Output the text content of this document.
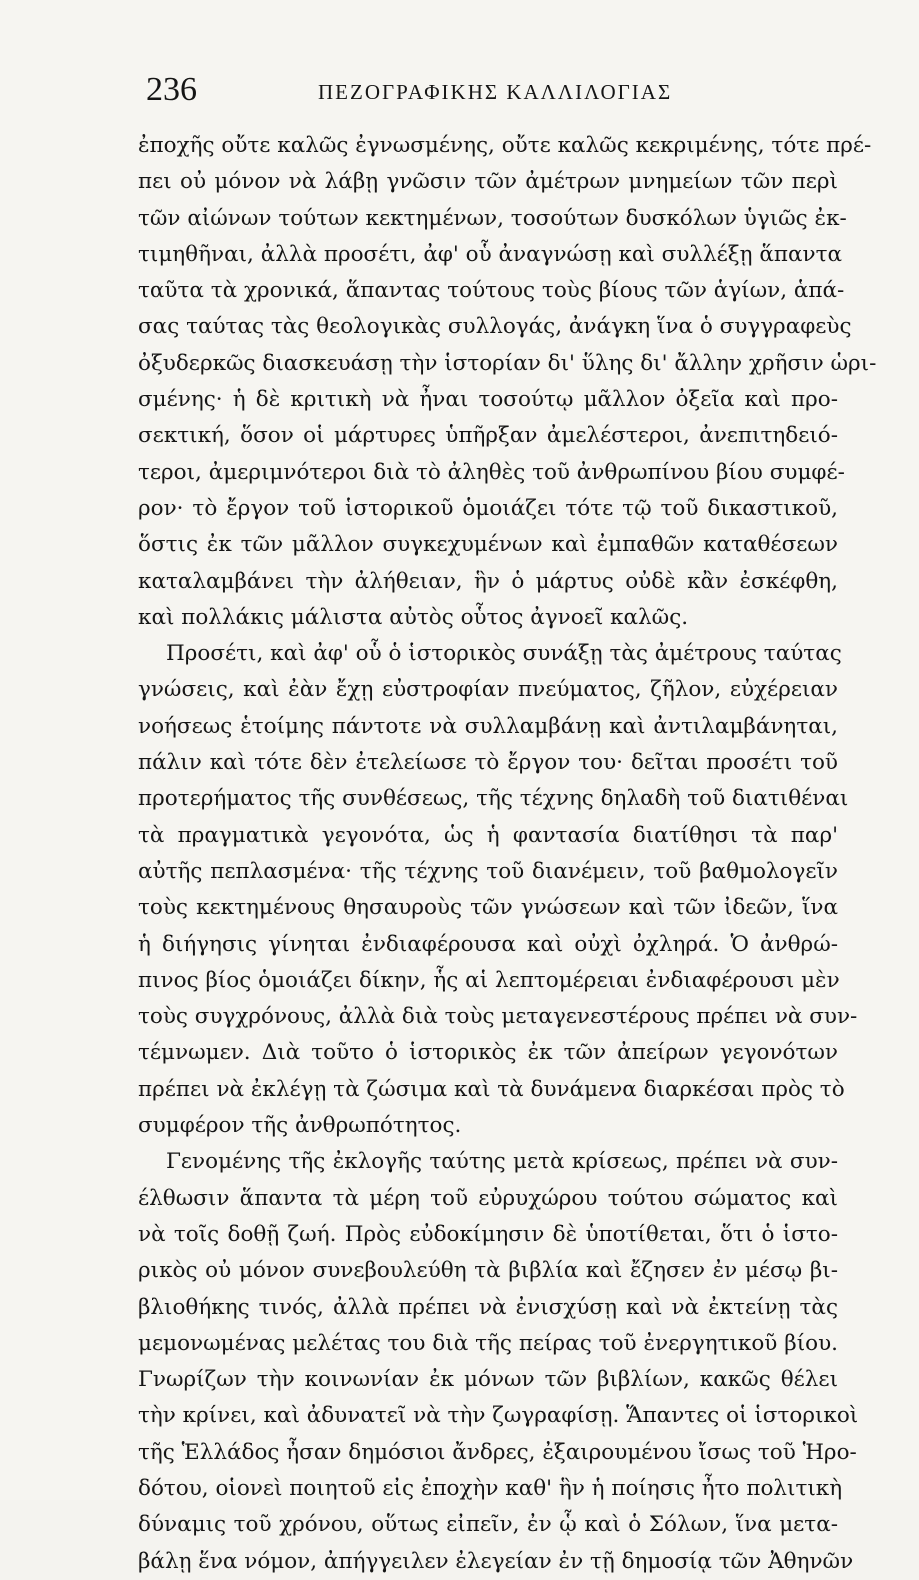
236	ΠΕΖΟΓΡΑΦΙΚΗΣ ΚΑΛΛΙΛΟΓΙΑΣ
ἐποχῆς οὔτε καλῶς ἐγνωσμένης, οὔτε καλῶς κεκριμένης, τότε πρέ-
πει οὐ μόνον νὰ λάβῃ γνῶσιν τῶν ἀμέτρων μνημείων τῶν περὶ
τῶν αἰώνων τούτων κεκτημένων, τοσούτων δυσκόλων ὑγιῶς ἐκ-
τιμηθῆναι, ἀλλὰ προσέτι, ἀφ' οὗ ἀναγνώσῃ καὶ συλλέξῃ ἅπαντα
ταῦτα τὰ χρονικά, ἅπαντας τούτους τοὺς βίους τῶν ἁγίων, ἁπά-
σας ταύτας τὰς θεολογικὰς συλλογάς, ἀνάγκη ἵνα ὁ συγγραφεὺς
ὀξυδερκῶς διασκευάσῃ τὴν ἱστορίαν δι' ὕλης δι' ἄλλην χρῆσιν ὡρι-
σμένης· ἡ δὲ κριτικὴ νὰ ἦναι τοσούτῳ μᾶλλον ὀξεῖα καὶ προ-
σεκτική, ὅσον οἱ μάρτυρες ὑπῆρξαν ἀμελέστεροι, ἀνεπιτηδειό-
τεροι, ἀμεριμνότεροι διὰ τὸ ἀληθὲς τοῦ ἀνθρωπίνου βίου συμφέ-
ρον· τὸ ἔργον τοῦ ἱστορικοῦ ὁμοιάζει τότε τῷ τοῦ δικαστικοῦ,
ὅστις ἐκ τῶν μᾶλλον συγκεχυμένων καὶ ἐμπαθῶν καταθέσεων
καταλαμβάνει τὴν ἀλήθειαν, ἣν ὁ μάρτυς οὐδὲ κἂν ἐσκέφθη,
καὶ πολλάκις μάλιστα αὐτὸς οὗτος ἀγνοεῖ καλῶς.
Προσέτι, καὶ ἀφ' οὗ ὁ ἱστορικὸς συνάξῃ τὰς ἀμέτρους ταύτας
γνώσεις, καὶ ἐὰν ἔχῃ εὐστροφίαν πνεύματος, ζῆλον, εὐχέρειαν
νοήσεως ἑτοίμης πάντοτε νὰ συλλαμβάνῃ καὶ ἀντιλαμβάνηται,
πάλιν καὶ τότε δὲν ἐτελείωσε τὸ ἔργον του· δεῖται προσέτι τοῦ
προτερήματος τῆς συνθέσεως, τῆς τέχνης δηλαδὴ τοῦ διατιθέναι
τὰ πραγματικὰ γεγονότα, ὡς ἡ φαντασία διατίθησι τὰ παρ'
αὐτῆς πεπλασμένα· τῆς τέχνης τοῦ διανέμειν, τοῦ βαθμολογεῖν
τοὺς κεκτημένους θησαυροὺς τῶν γνώσεων καὶ τῶν ἰδεῶν, ἵνα
ἡ διήγησις γίνηται ἐνδιαφέρουσα καὶ οὐχὶ ὀχληρά. Ὁ ἀνθρώ-
πινος βίος ὁμοιάζει δίκην, ἧς αἱ λεπτομέρειαι ἐνδιαφέρουσι μὲν
τοὺς συγχρόνους, ἀλλὰ διὰ τοὺς μεταγενεστέρους πρέπει νὰ συν-
τέμνωμεν. Διὰ τοῦτο ὁ ἱστορικὸς ἐκ τῶν ἀπείρων γεγονότων
πρέπει νὰ ἐκλέγῃ τὰ ζώσιμα καὶ τὰ δυνάμενα διαρκέσαι πρὸς τὸ
συμφέρον τῆς ἀνθρωπότητος.
Γενομένης τῆς ἐκλογῆς ταύτης μετὰ κρίσεως, πρέπει νὰ συν-
έλθωσιν ἅπαντα τὰ μέρη τοῦ εὐρυχώρου τούτου σώματος καὶ
νὰ τοῖς δοθῇ ζωή. Πρὸς εὐδοκίμησιν δὲ ὑποτίθεται, ὅτι ὁ ἱστο-
ρικὸς οὐ μόνον συνεβουλεύθη τὰ βιβλία καὶ ἔζησεν ἐν μέσῳ βι-
βλιοθήκης τινός, ἀλλὰ πρέπει νὰ ἐνισχύσῃ καὶ νὰ ἐκτείνῃ τὰς
μεμονωμένας μελέτας του διὰ τῆς πείρας τοῦ ἐνεργητικοῦ βίου.
Γνωρίζων τὴν κοινωνίαν ἐκ μόνων τῶν βιβλίων, κακῶς θέλει
τὴν κρίνει, καὶ ἀδυνατεῖ νὰ τὴν ζωγραφίσῃ. Ἅπαντες οἱ ἱστορικοὶ
τῆς Ἑλλάδος ἦσαν δημόσιοι ἄνδρες, ἐξαιρουμένου ἴσως τοῦ Ἡρο-
δότου, οἱονεὶ ποιητοῦ εἰς ἐποχὴν καθ' ἣν ἡ ποίησις ἦτο πολιτικὴ
δύναμις τοῦ χρόνου, οὕτως εἰπεῖν, ἐν ᾧ καὶ ὁ Σόλων, ἵνα μετα-
βάλῃ ἕνα νόμον, ἀπήγγειλεν ἐλεγείαν ἐν τῇ δημοσίᾳ τῶν Ἀθηνῶν
